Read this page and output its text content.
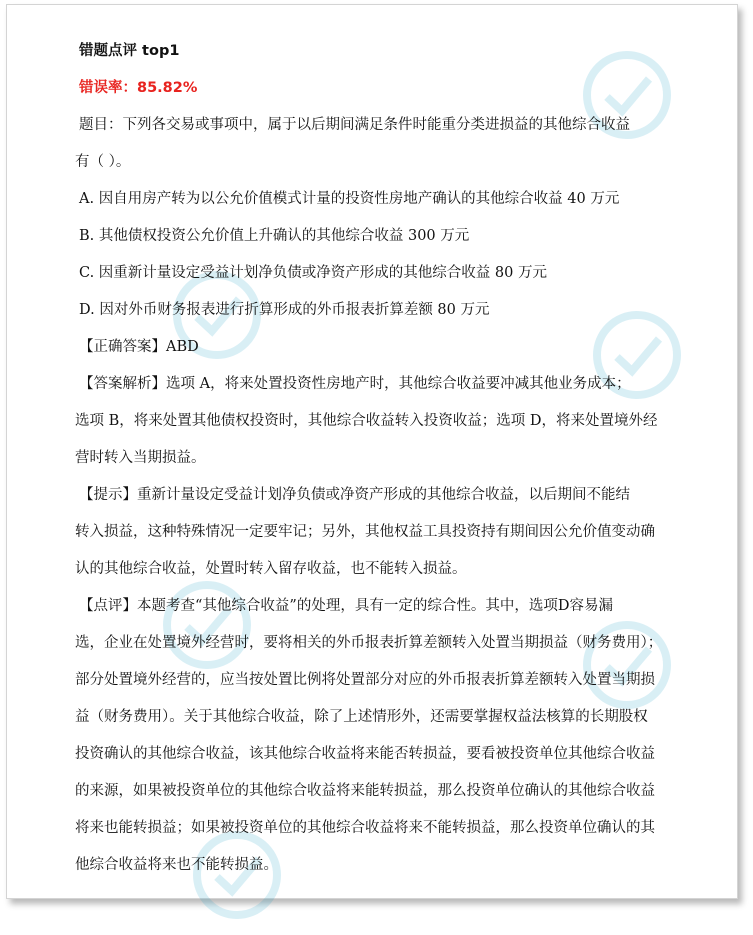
错题点评 top1
错误率：85.82%
题目：下列各交易或事项中，属于以后期间满足条件时能重分类进损益的其他综合收益
有（ ）。
A. 因自用房产转为以公允价值模式计量的投资性房地产确认的其他综合收益 40 万元
B. 其他债权投资公允价值上升确认的其他综合收益 300 万元
C. 因重新计量设定受益计划净负债或净资产形成的其他综合收益 80 万元
D. 因对外币财务报表进行折算形成的外币报表折算差额 80 万元
【正确答案】ABD
【答案解析】选项 A，将来处置投资性房地产时，其他综合收益要冲减其他业务成本；
选项 B，将来处置其他债权投资时，其他综合收益转入投资收益；选项 D，将来处置境外经
营时转入当期损益。
【提示】重新计量设定受益计划净负债或净资产形成的其他综合收益，以后期间不能结
转入损益，这种特殊情况一定要牢记；另外，其他权益工具投资持有期间因公允价值变动确
认的其他综合收益，处置时转入留存收益，也不能转入损益。
【点评】本题考查“其他综合收益”的处理，具有一定的综合性。其中，选项D容易漏
选，企业在处置境外经营时，要将相关的外币报表折算差额转入处置当期损益（财务费用）；
部分处置境外经营的，应当按处置比例将处置部分对应的外币报表折算差额转入处置当期损
益（财务费用）。关于其他综合收益，除了上述情形外，还需要掌握权益法核算的长期股权
投资确认的其他综合收益，该其他综合收益将来能否转损益，要看被投资单位其他综合收益
的来源，如果被投资单位的其他综合收益将来能转损益，那么投资单位确认的其他综合收益
将来也能转损益；如果被投资单位的其他综合收益将来不能转损益，那么投资单位确认的其
他综合收益将来也不能转损益。
